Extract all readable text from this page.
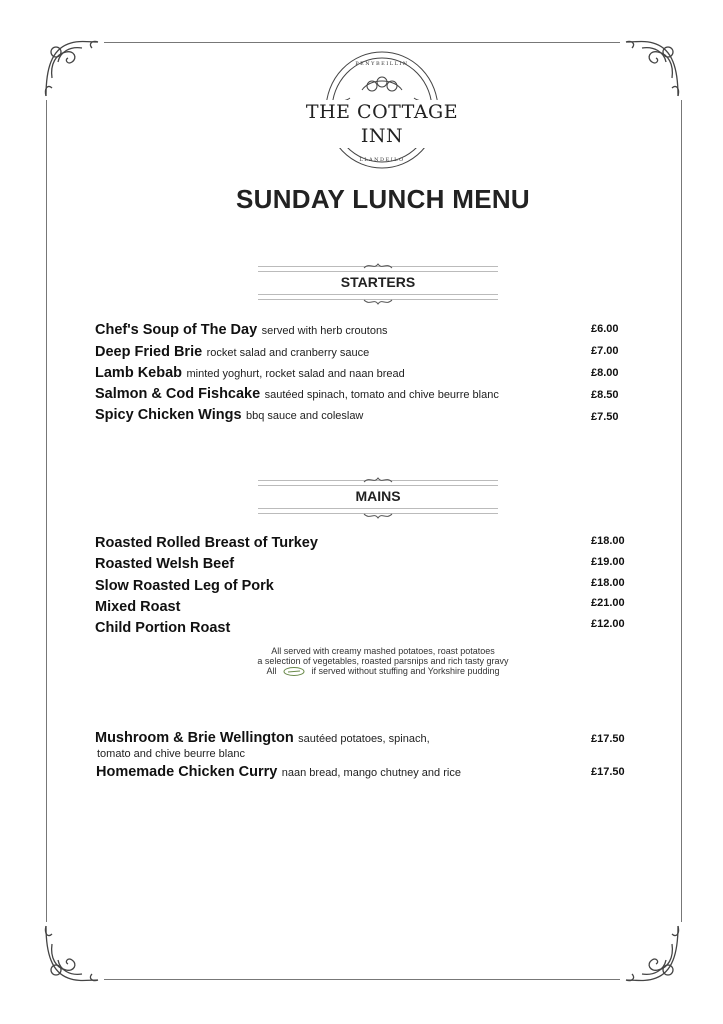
PENYBEILLIN
THE COTTAGE INN
LLANDEILO
SUNDAY LUNCH MENU
STARTERS
Chef's Soup of The Day served with herb croutons	£6.00
Deep Fried Brie rocket salad and cranberry sauce	£7.00
Lamb Kebab minted yoghurt, rocket salad and naan bread	£8.00
Salmon & Cod Fishcake sautéed spinach, tomato and chive beurre blanc	£8.50
Spicy Chicken Wings bbq sauce and coleslaw	£7.50
MAINS
Roasted Rolled Breast of Turkey	£18.00
Roasted Welsh Beef	£19.00
Slow Roasted Leg of Pork	£18.00
Mixed Roast	£21.00
Child Portion Roast	£12.00
All served with creamy mashed potatoes, roast potatoes
a selection of vegetables, roasted parsnips and rich tasty gravy
All	if served without stuffing and Yorkshire pudding
Mushroom & Brie Wellington sautéed potatoes, spinach,
tomato and chive beurre blanc
£17.50
Homemade Chicken Curry naan bread, mango chutney and rice	£17.50
